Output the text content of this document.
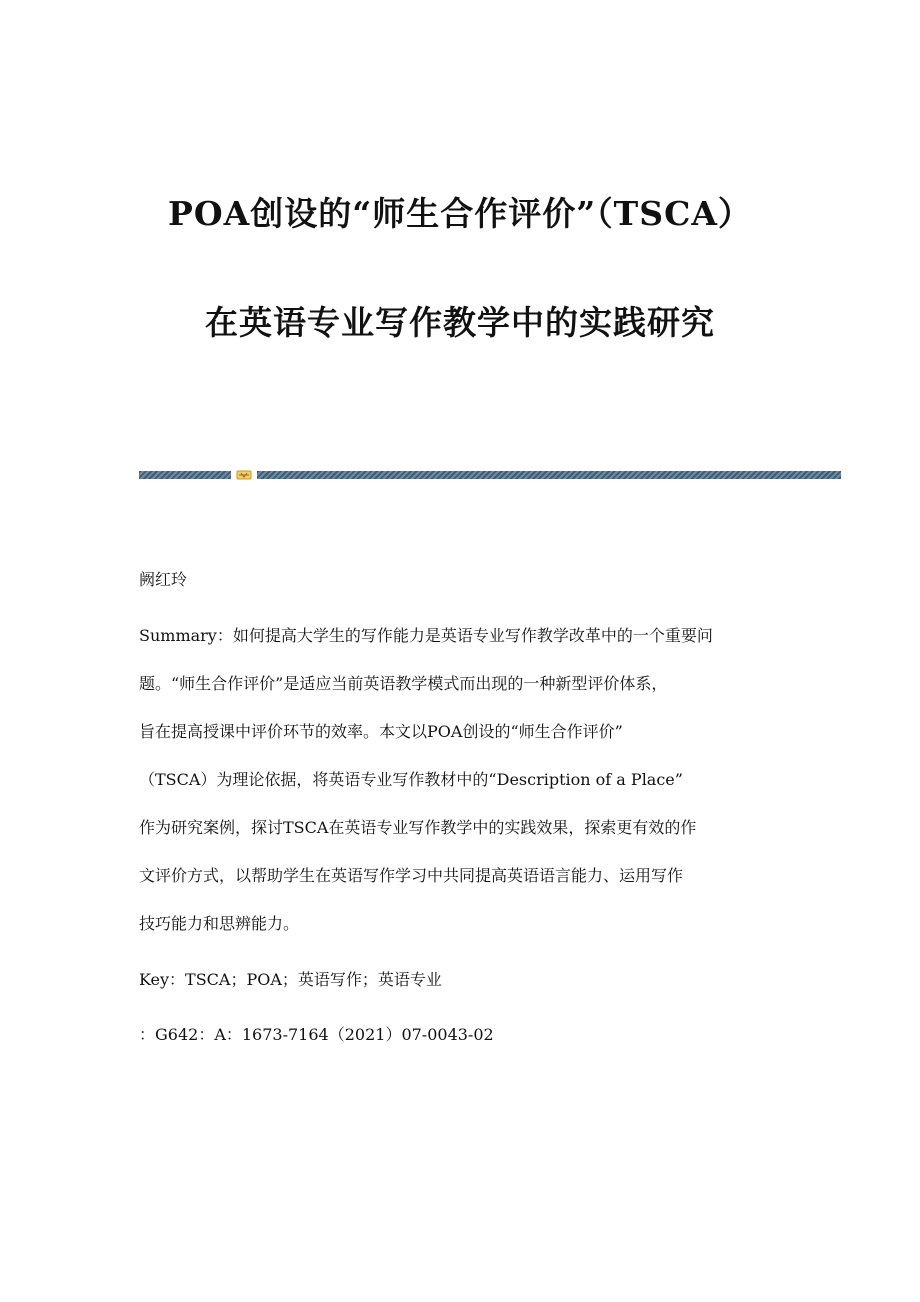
POA创设的“师生合作评价”（TSCA）
在英语专业写作教学中的实践研究
阙红玲
Summary：如何提高大学生的写作能力是英语专业写作教学改革中的一个重要问
题。“师生合作评价”是适应当前英语教学模式而出现的一种新型评价体系，
旨在提高授课中评价环节的效率。本文以POA创设的“师生合作评价”
（TSCA）为理论依据，将英语专业写作教材中的“Description of a Place”
作为研究案例，探讨TSCA在英语专业写作教学中的实践效果，探索更有效的作
文评价方式，以帮助学生在英语写作学习中共同提高英语语言能力、运用写作
技巧能力和思辨能力。
Key：TSCA；POA；英语写作；英语专业
：G642：A：1673-7164（2021）07-0043-02
